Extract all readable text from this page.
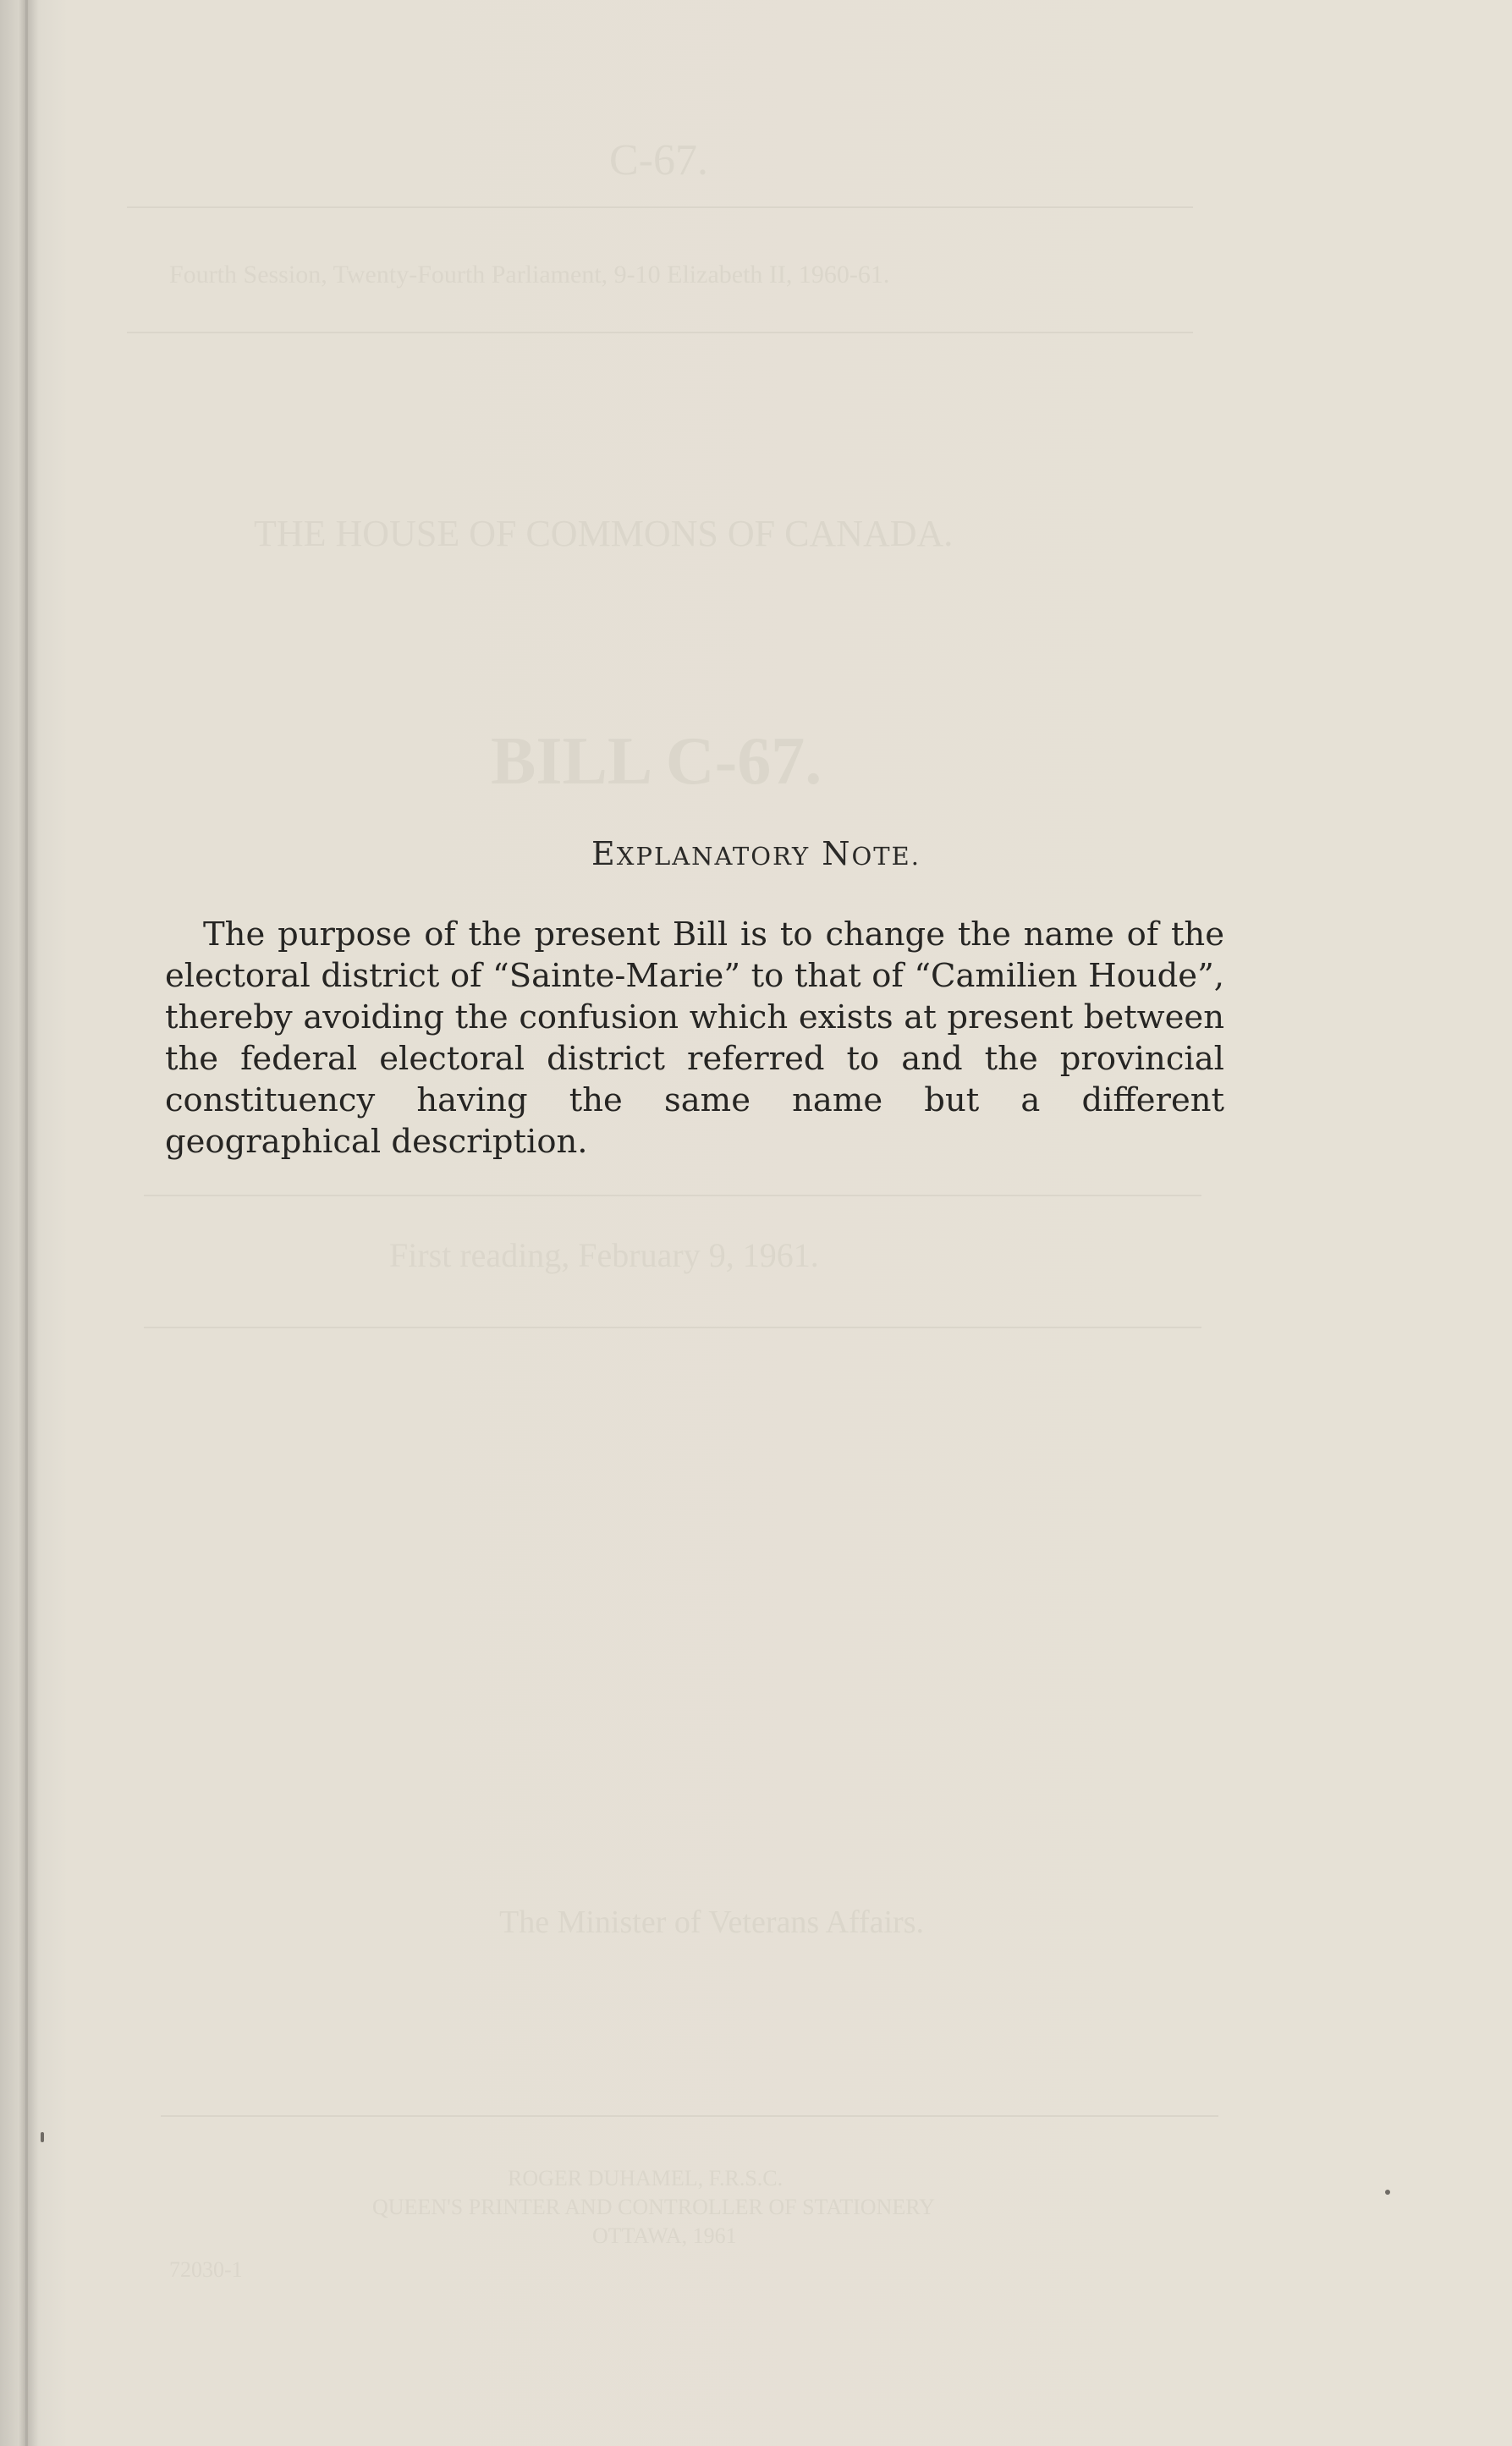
C-67.
Fourth Session, Twenty-Fourth Parliament, 9-10 Elizabeth II, 1960-61.
THE HOUSE OF COMMONS OF CANADA.
BILL C-67.
First reading, February 9, 1961.
The Minister of Veterans Affairs.
ROGER DUHAMEL, F.R.S.C.
QUEEN'S PRINTER AND CONTROLLER OF STATIONERY
OTTAWA, 1961
72030-1
EXPLANATORY NOTE.
The purpose of the present Bill is to change the name of the electoral district of “Sainte-Marie” to that of “Camilien Houde”, thereby avoiding the confusion which exists at present between the federal electoral district referred to and the provincial constituency having the same name but a different geographical description.
